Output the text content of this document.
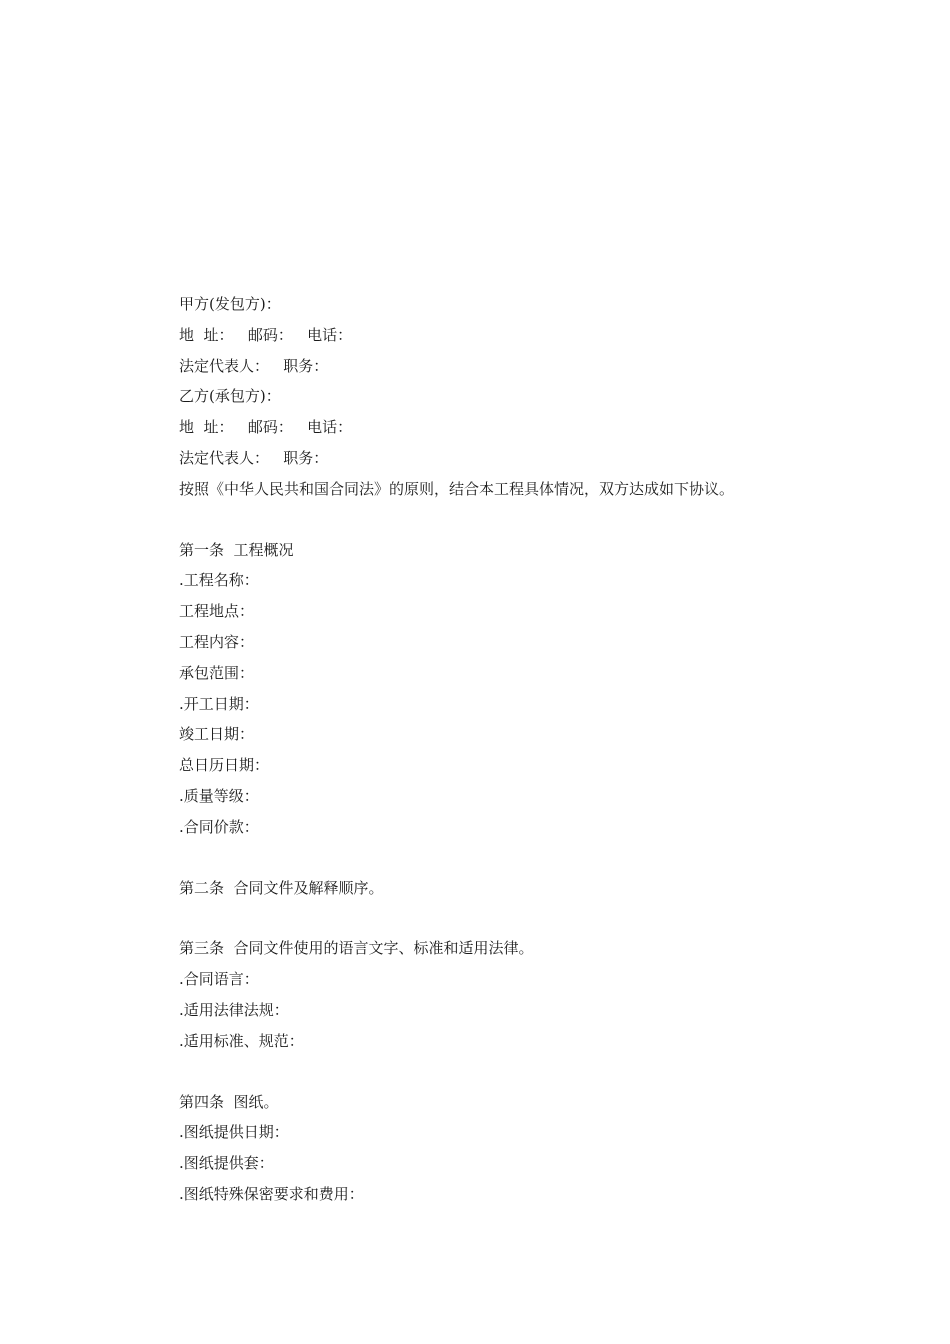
甲方(发包方)：
地  址：   邮码：   电话：
法定代表人：   职务：
乙方(承包方)：
地  址：   邮码：   电话：
法定代表人：   职务：
按照《中华人民共和国合同法》的原则，结合本工程具体情况，双方达成如下协议。
第一条  工程概况
.工程名称：
工程地点：
工程内容：
承包范围：
.开工日期：
竣工日期：
总日历日期：
.质量等级：
.合同价款：
第二条  合同文件及解释顺序。
第三条  合同文件使用的语言文字、标准和适用法律。
.合同语言：
.适用法律法规：
.适用标准、规范：
第四条  图纸。
.图纸提供日期：
.图纸提供套：
.图纸特殊保密要求和费用：
